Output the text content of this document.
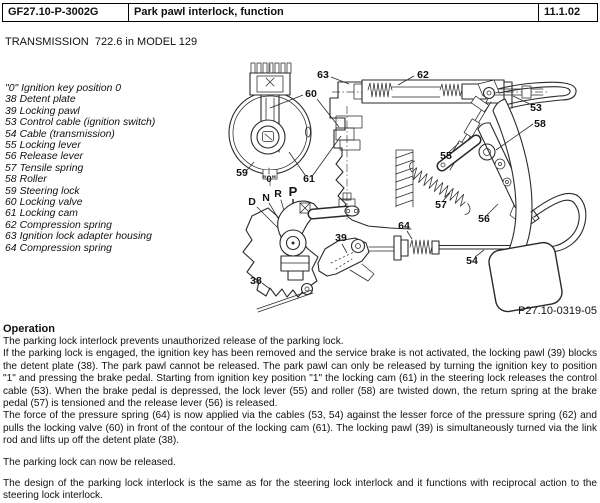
GF27.10-P-3002G	Park pawl interlock, function	11.1.02
TRANSMISSION  722.6 in MODEL 129
"0" Ignition key position 0
38 Detent plate
39 Locking pawl
53 Control cable (ignition switch)
54 Cable (transmission)
55 Locking lever
56 Release lever
57 Tensile spring
58 Roller
59 Steering lock
60 Locking valve
61 Locking cam
62 Compression spring
63 Ignition lock adapter housing
64 Compression spring
63	62
60
53
58
55
59
"0"	61
57
56
64
39
54
38
P
R
N
D
P27.10-0319-05
Operation

The parking lock interlock prevents unauthorized release of the parking lock.

If the parking lock is engaged, the ignition key has been removed and the service brake is not activated, the locking pawl (39) blocks the detent plate (38). The park pawl cannot be released. The park pawl can only be released by turning the ignition key to position "1" and pressing the brake pedal. Starting from ignition key position "1" the locking cam (61) in the steering lock releases the control cable (53). When the brake pedal is depressed, the lock lever (55) and roller (58) are twisted down, the return spring at the brake pedal (57) is tensioned and the release lever (56) is released.

The force of the pressure spring (64) is now applied via the cables (53, 54) against the lesser force of the pressure spring (62) and pulls the locking valve (60) in front of the contour of the locking cam (61). The locking pawl (39) is simultaneously turned via the link rod and lifts up off the detent plate (38).

The parking lock can now be released.

The design of the parking lock interlock is the same as for the steering lock interlock and it functions with reciprocal action to the steering lock interlock.
